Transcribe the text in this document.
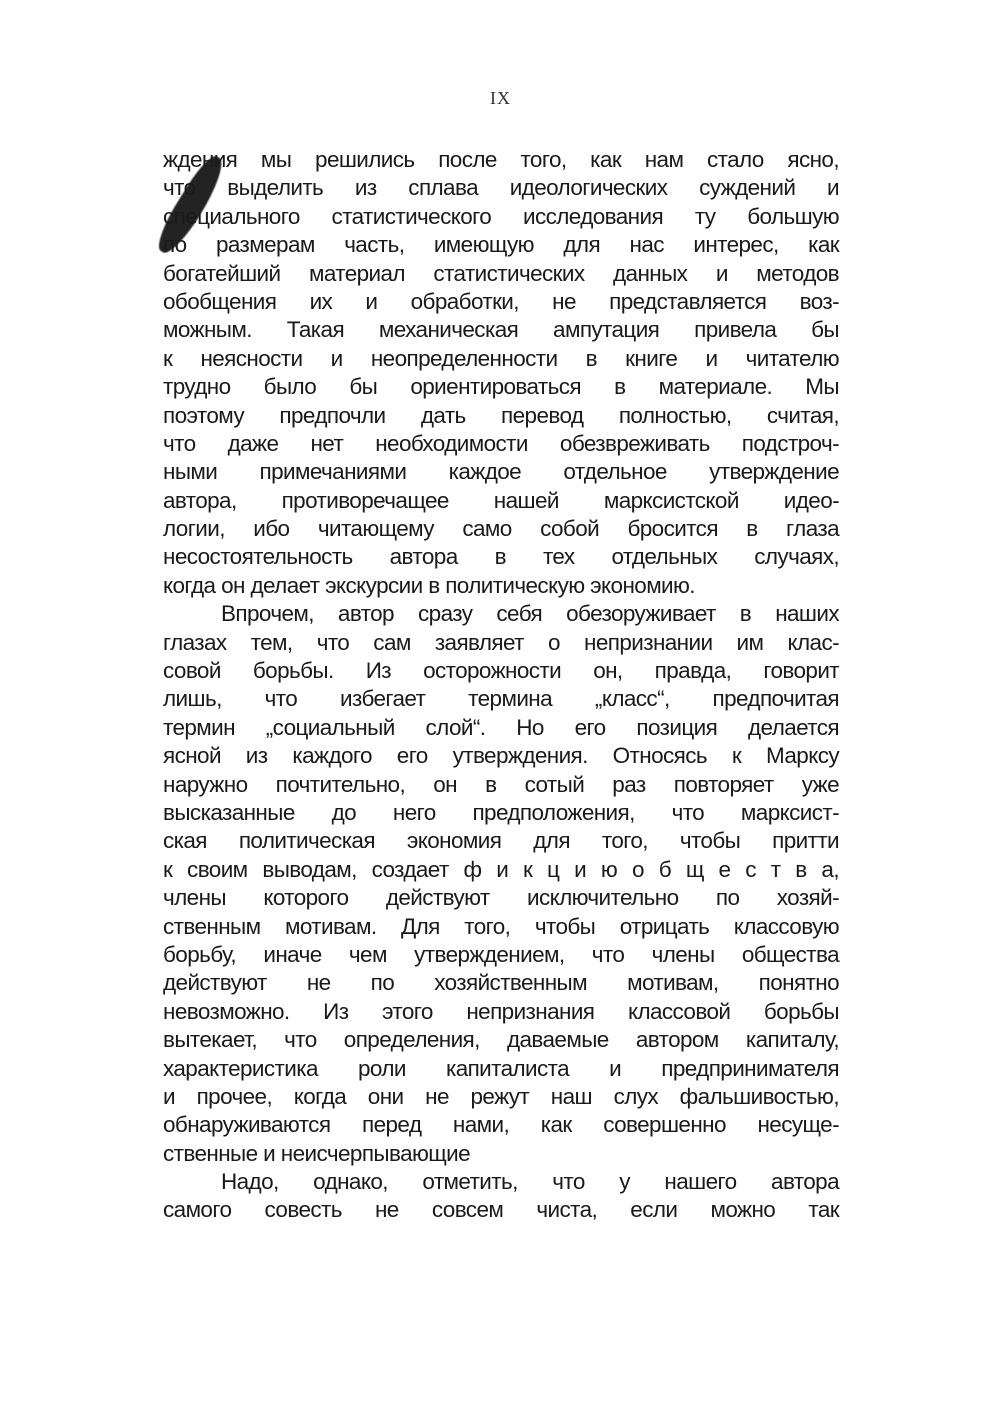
IX
ждения мы решились после того, как нам стало ясно,
что выделить из сплава идеологических суждений и
специального статистического исследования ту большую
по размерам часть, имеющую для нас интерес, как
богатейший материал статистических данных и методов
обобщения их и обработки, не представляется воз-
можным. Такая механическая ампутация привела бы
к неясности и неопределенности в книге и читателю
трудно было бы ориентироваться в материале. Мы
поэтому предпочли дать перевод полностью, считая,
что даже нет необходимости обезвреживать подстроч-
ными примечаниями каждое отдельное утверждение
автора, противоречащее нашей марксистской идео-
логии, ибо читающему само собой бросится в глаза
несостоятельность автора в тех отдельных случаях,
когда он делает экскурсии в политическую экономию.
Впрочем, автор сразу себя обезоруживает в наших
глазах тем, что сам заявляет о непризнании им клас-
совой борьбы. Из осторожности он, правда, говорит
лишь, что избегает термина „класс“, предпочитая
термин „социальный слой“. Но его позиция делается
ясной из каждого его утверждения. Относясь к Марксу
наружно почтительно, он в сотый раз повторяет уже
высказанные до него предположения, что марксист-
ская политическая экономия для того, чтобы притти
к своим выводам, создает ф и к ц и ю о б щ е с т в а,
члены которого действуют исключительно по хозяй-
ственным мотивам. Для того, чтобы отрицать классовую
борьбу, иначе чем утверждением, что члены общества
действуют не по хозяйственным мотивам, понятно
невозможно. Из этого непризнания классовой борьбы
вытекает, что определения, даваемые автором капиталу,
характеристика роли капиталиста и предпринимателя
и прочее, когда они не режут наш слух фальшивостью,
обнаруживаются перед нами, как совершенно несуще-
ственные и неисчерпывающие
Надо, однако, отметить, что у нашего автора
самого совесть не совсем чиста, если можно так
